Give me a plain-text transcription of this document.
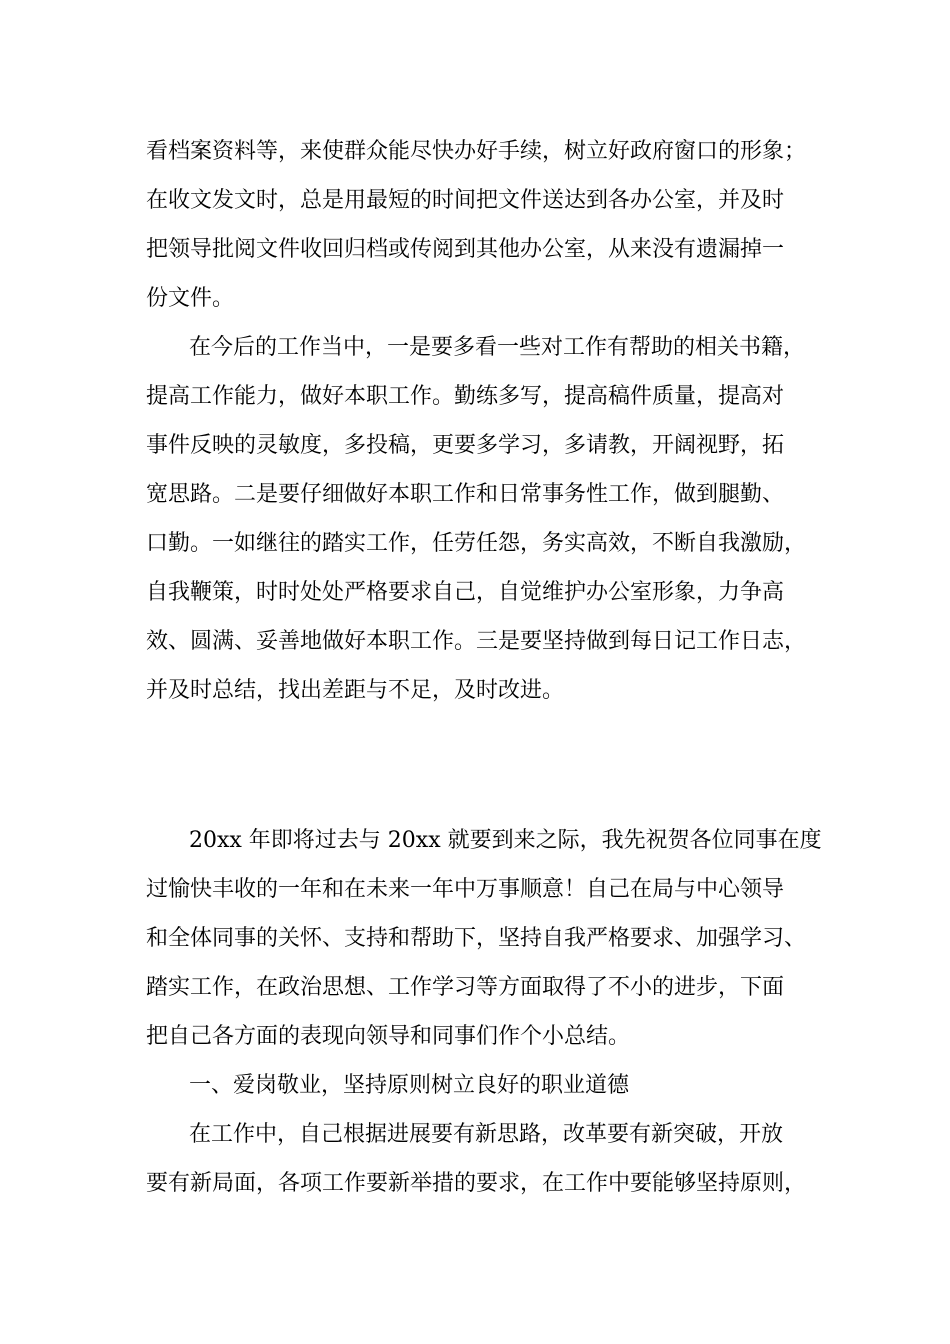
看档案资料等，来使群众能尽快办好手续，树立好政府窗口的形象；
在收文发文时，总是用最短的时间把文件送达到各办公室，并及时
把领导批阅文件收回归档或传阅到其他办公室，从来没有遗漏掉一
份文件。
在今后的工作当中，一是要多看一些对工作有帮助的相关书籍，
提高工作能力，做好本职工作。勤练多写，提高稿件质量，提高对
事件反映的灵敏度，多投稿，更要多学习，多请教，开阔视野，拓
宽思路。二是要仔细做好本职工作和日常事务性工作，做到腿勤、
口勤。一如继往的踏实工作，任劳任怨，务实高效，不断自我激励，
自我鞭策，时时处处严格要求自己，自觉维护办公室形象，力争高
效、圆满、妥善地做好本职工作。三是要坚持做到每日记工作日志，
并及时总结，找出差距与不足，及时改进。
20xx 年即将过去与 20xx 就要到来之际，我先祝贺各位同事在度
过愉快丰收的一年和在未来一年中万事顺意！自己在局与中心领导
和全体同事的关怀、支持和帮助下，坚持自我严格要求、加强学习、
踏实工作，在政治思想、工作学习等方面取得了不小的进步，下面
把自己各方面的表现向领导和同事们作个小总结。
一、爱岗敬业，坚持原则树立良好的职业道德
在工作中，自己根据进展要有新思路，改革要有新突破，开放
要有新局面，各项工作要新举措的要求，在工作中要能够坚持原则，
